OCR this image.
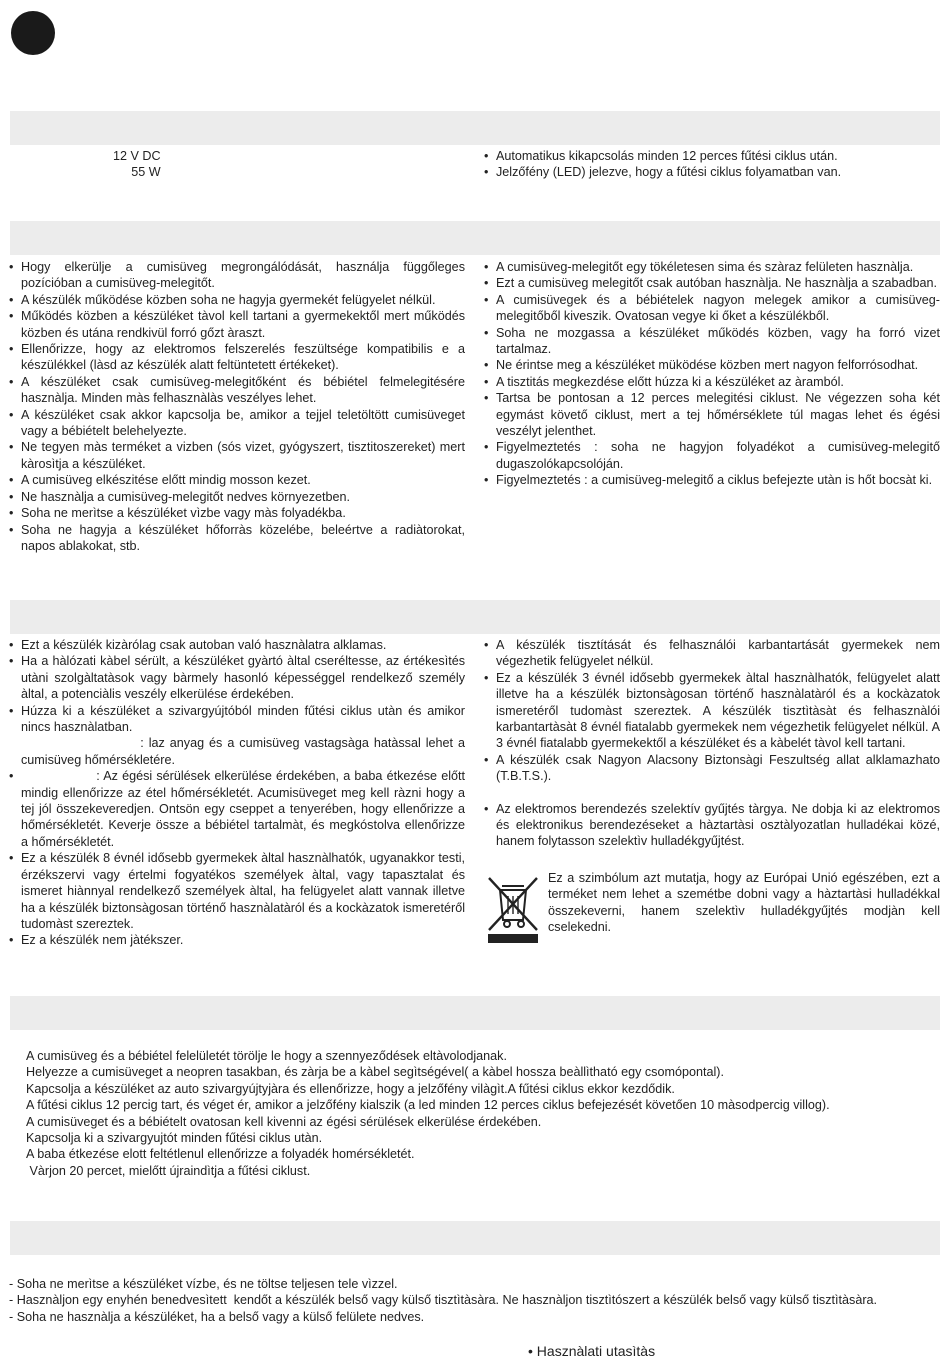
12 V DC
55 W
• Automatikus kikapcsolás minden 12 perces fűtési ciklus után.
• Jelzőfény (LED) jelezve, hogy a fűtési ciklus folyamatban van.
• Hogy elkerülje a cumisüveg megrongálódását, használja függőleges pozícióban a cumisüveg-melegitőt.
• A készülék működése közben soha ne hagyja gyermekét felügyelet nélkül.
• Működés közben a készüléket tàvol kell tartani a gyermekektől mert működés közben és utána rendkivül forró gőzt àraszt.
• Ellenőrizze, hogy az elektromos felszerelés feszültsége kompatibilis e a készülékkel (làsd az készülék alatt feltüntetett értékeket).
• A készüléket csak cumisüveg-melegitőként és bébiétel felmelegitésére hasznàlja. Minden màs felhasznàlàs veszélyes lehet.
• A készüléket csak akkor kapcsolja be, amikor a tejjel teletöltött cumisüveget vagy a bébiételt belehelyezte.
• Ne tegyen màs terméket a vizben (sós vizet, gyógyszert, tisztitoszereket) mert kàrosìtja a készüléket.
• A cumisüveg elkészitése előtt mindig mosson kezet.
• Ne hasznàlja a cumisüveg-melegitőt nedves környezetben.
• Soha ne merìtse a készüléket vìzbe vagy màs folyadékba.
• Soha ne hagyja a készüléket hőforràs közelébe, beleértve a radiàtorokat, napos ablakokat, stb.
• A cumisüveg-melegitőt egy tökéletesen sima és szàraz felületen hasznàlja.
• Ezt a cumisüveg melegitőt csak autóban hasznàlja. Ne hasznàlja a szabadban.
• A cumisüvegek és a bébiételek nagyon melegek amikor a cumisüveg-melegitőből kiveszik. Ovatosan vegye ki őket a készülékből.
• Soha ne mozgassa a készüléket működés közben, vagy ha forró vizet tartalmaz.
• Ne érintse meg a készüléket müködése közben mert nagyon felforrósodhat.
• A tisztitás megkezdése előtt húzza ki a készüléket az àramból.
• Tartsa be pontosan a 12 perces melegitési ciklust. Ne végezzen soha két egymást követő ciklust, mert a tej hőmérséklete túl magas lehet és égési veszélyt jelenthet.
• Figyelmeztetés : soha ne hagyjon folyadékot a cumisüveg-melegitő dugaszolókapcsolóján.
• Figyelmeztetés : a cumisüveg-melegitő a ciklus befejezte utàn is hőt bocsàt ki.
• Ezt a készülék kizàrólag csak autoban való hasznàlatra alklamas.
• Ha a hàlózati kàbel sérült, a készüléket gyàrtó àltal cseréltesse, az értékesìtés utàni szolgàltatàsok vagy bàrmely hasonló képességgel rendelkező személy àltal, a potenciàlis veszély elkerülése érdekében.
• Húzza ki a készüléket a szivargyújtóból minden fűtési ciklus utàn és amikor nincs hasznàlatban.
: laz anyag és a cumisüveg vastagsàga hatàssal lehet a cumisüveg hőmérsékletére.
•                   : Az égési sérülések elkerülése érdekében, a baba étkezése előtt mindig ellenőrizze az étel hőmérsékletét. Acumisüveget meg kell ràzni hogy a tej jól összekeveredjen. Ontsön egy cseppet a tenyerében, hogy ellenőrizze a hőmérsékletét. Keverje össze a bébiétel tartalmàt, és megkóstolva ellenőrizze a hőmérsékletét.
• Ez a készülék 8 évnél idősebb gyermekek àltal hasznàlhatók, ugyanakkor testi, érzékszervi vagy értelmi fogyatékos személyek àltal, vagy tapasztalat és ismeret hiànnyal rendelkező személyek àltal, ha felügyelet alatt vannak illetve ha a készülék biztonsàgosan történő hasznàlatàról és a kockàzatok ismeretéről tudomàst szereztek.
• Ez a készülék nem jàtékszer.
• A készülék tisztítását és felhasználói karbantartását gyermekek nem végezhetik felügyelet nélkül.
• Ez a készülék 3 évnél idősebb gyermekek àltal hasznàlhatók, felügyelet alatt illetve ha a készülék biztonsàgosan történő hasznàlatàról és a kockàzatok ismeretéről tudomàst szereztek. A készülék tisztìtàsàt és felhasznàlói karbantartàsàt 8 évnél fiatalabb gyermekek nem végezhetik felügyelet nélkül. A 3 évnél fiatalabb gyermekektől a készüléket és a kàbelét tàvol kell tartani.
• A készülék csak Nagyon Alacsony Biztonsàgi Feszultség allat alklamazhato (T.B.T.S.).
• Az elektromos berendezés szelektív gyűjtés tàrgya. Ne dobja ki az elektromos és elektronikus berendezéseket a hàztartàsi osztàlyozatlan hulladékai közé, hanem folytasson szelektìv hulladékgyűjtést.
Ez a szimbólum azt mutatja, hogy az Európai Unió egészében, ezt a terméket nem lehet a szemétbe dobni vagy a hàztartàsi hulladékkal összekeverni, hanem szelektìv hulladékgyűjtés modjàn kell cselekedni.
A cumisüveg és a bébiétel felelületét törölje le hogy a szennyeződések eltàvolodjanak.
Helyezze a cumisüveget a neopren tasakban, és zàrja be a kàbel segìtségével( a kàbel hossza beàllìtható egy csomópontal).
Kapcsolja a készüléket az auto szivargyújtyjàra és ellenőrizze, hogy a jelzőfény vilàgìt.A fűtési ciklus ekkor kezdődik.
A fűtési ciklus 12 percig tart, és véget ér, amikor a jelzőfény kialszik (a led minden 12 perces ciklus befejezését követően 10 màsodpercig villog).
A cumisüveget és a bébiételt ovatosan kell kivenni az égési sérülések elkerülése érdekében.
Kapcsolja ki a szivargyujtót minden fűtési ciklus utàn.
A baba étkezése elott feltétlenul ellenőrizze a folyadék homérsékletét.
Vàrjon 20 percet, mielőtt újraindìtja a fűtési ciklust.
- Soha ne merìtse a készüléket vízbe, és ne töltse teljesen tele vìzzel.
- Hasznàljon egy enyhén benedvesìtett  kendőt a készülék belső vagy külső tisztìtàsàra. Ne hasznàljon tisztìtószert a készülék belső vagy külső tisztìtàsàra.
- Soha ne hasznàlja a készüléket, ha a belső vagy a külső felülete nedves.
• Hasznàlati utasìtàs
